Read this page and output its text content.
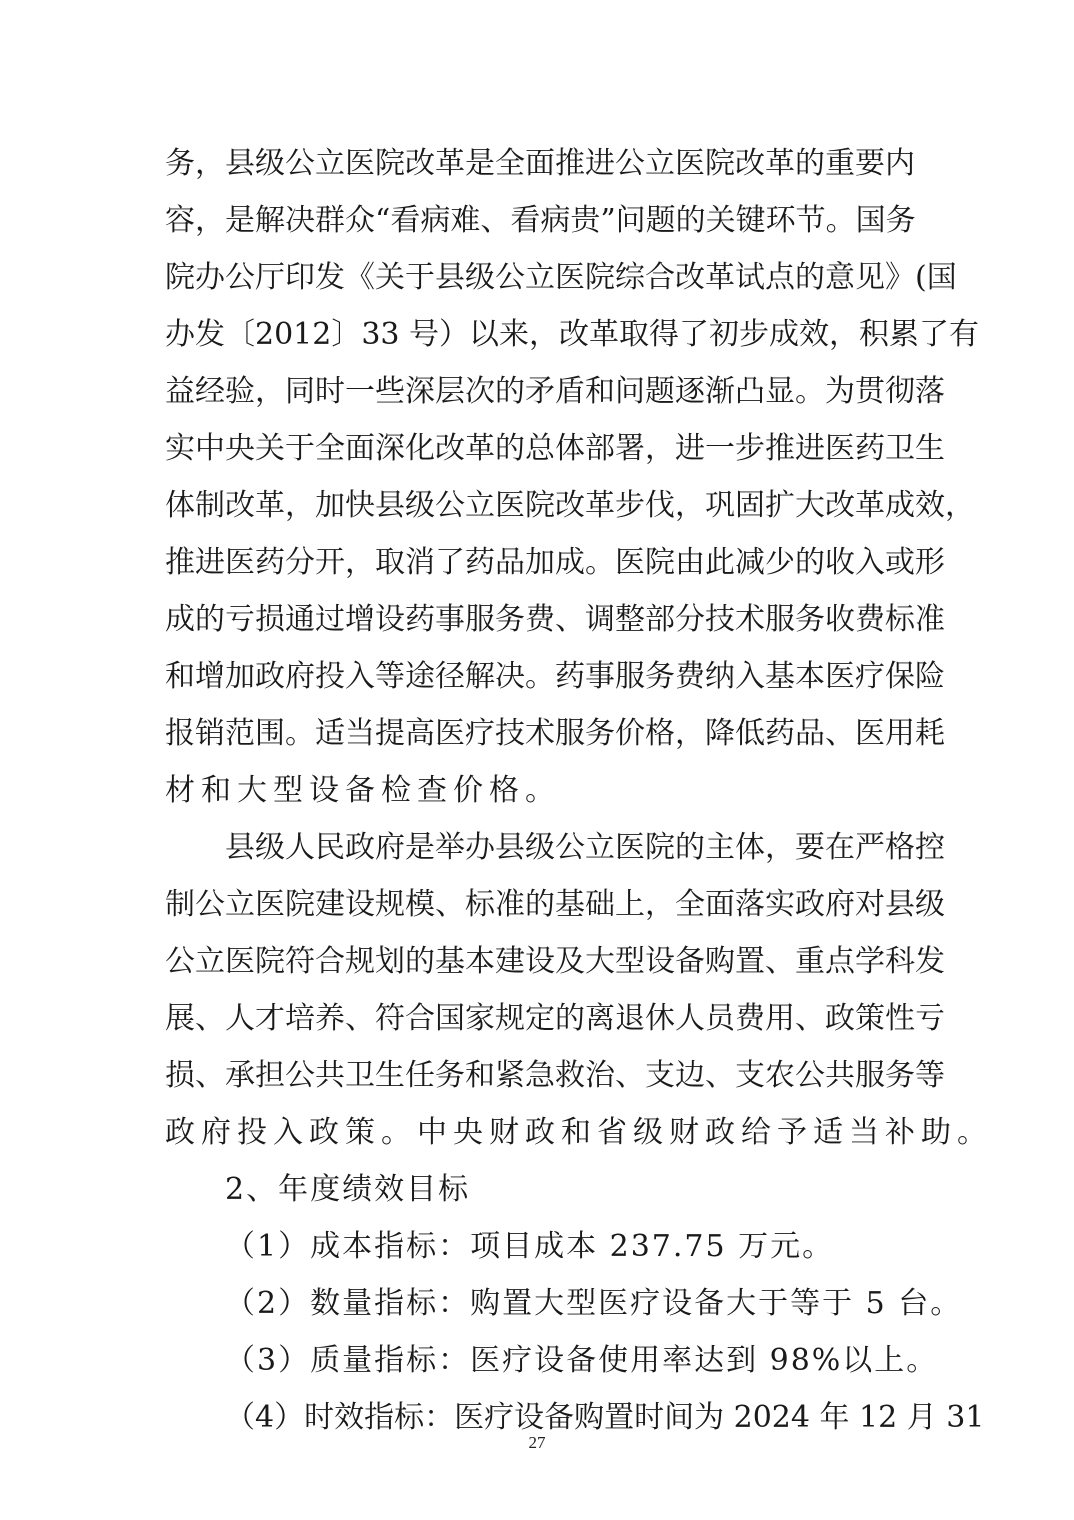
务，县级公立医院改革是全面推进公立医院改革的重要内
容，是解决群众“看病难、看病贵”问题的关键环节。国务
院办公厅印发《关于县级公立医院综合改革试点的意见》(国
办发〔2012〕33 号）以来，改革取得了初步成效，积累了有
益经验，同时一些深层次的矛盾和问题逐渐凸显。为贯彻落
实中央关于全面深化改革的总体部署，进一步推进医药卫生
体制改革，加快县级公立医院改革步伐，巩固扩大改革成效，
推进医药分开，取消了药品加成。医院由此减少的收入或形
成的亏损通过增设药事服务费、调整部分技术服务收费标准
和增加政府投入等途径解决。药事服务费纳入基本医疗保险
报销范围。适当提高医疗技术服务价格，降低药品、医用耗
材和大型设备检查价格。
县级人民政府是举办县级公立医院的主体，要在严格控
制公立医院建设规模、标准的基础上，全面落实政府对县级
公立医院符合规划的基本建设及大型设备购置、重点学科发
展、人才培养、符合国家规定的离退休人员费用、政策性亏
损、承担公共卫生任务和紧急救治、支边、支农公共服务等
政府投入政策。中央财政和省级财政给予适当补助。
2、年度绩效目标
（1）成本指标：项目成本 237.75 万元。
（2）数量指标：购置大型医疗设备大于等于 5 台。
（3）质量指标：医疗设备使用率达到 98%以上。
（4）时效指标：医疗设备购置时间为 2024 年 12 月 31
27
